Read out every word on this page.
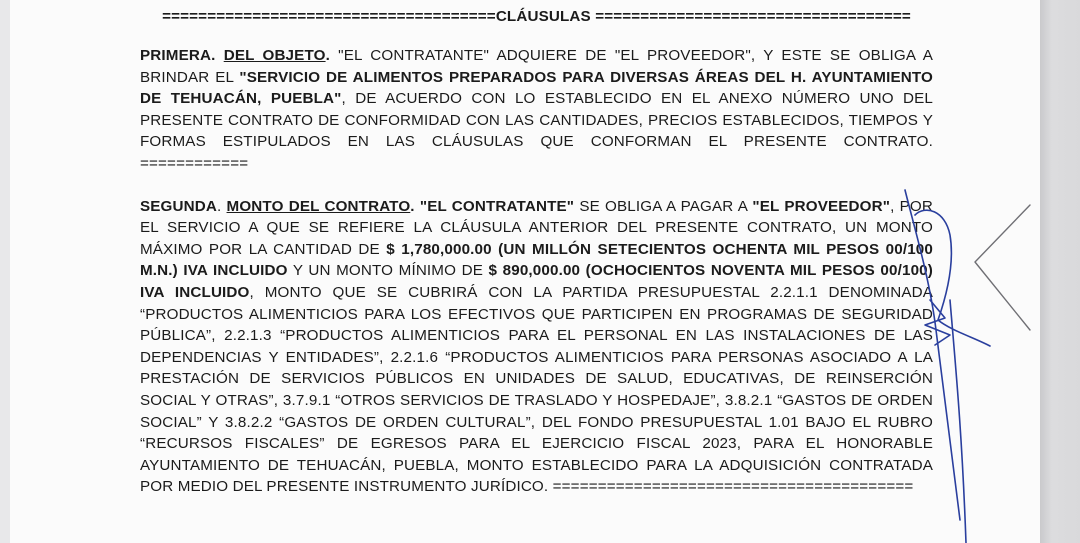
=====================================CLÁUSULAS ===================================

PRIMERA. DEL OBJETO. "EL CONTRATANTE" ADQUIERE DE "EL PROVEEDOR", Y ESTE SE OBLIGA A BRINDAR EL "SERVICIO DE ALIMENTOS PREPARADOS PARA DIVERSAS ÁREAS DEL H. AYUNTAMIENTO DE TEHUACÁN, PUEBLA", DE ACUERDO CON LO ESTABLECIDO EN EL ANEXO NÚMERO UNO DEL PRESENTE CONTRATO DE CONFORMIDAD CON LAS CANTIDADES, PRECIOS ESTABLECIDOS, TIEMPOS Y FORMAS ESTIPULADOS EN LAS CLÁUSULAS QUE CONFORMAN EL PRESENTE CONTRATO. ============

SEGUNDA. MONTO DEL CONTRATO. "EL CONTRATANTE" SE OBLIGA A PAGAR A "EL PROVEEDOR", POR EL SERVICIO A QUE SE REFIERE LA CLÁUSULA ANTERIOR DEL PRESENTE CONTRATO, UN MONTO MÁXIMO POR LA CANTIDAD DE $ 1,780,000.00 (UN MILLÓN SETECIENTOS OCHENTA MIL PESOS 00/100 M.N.) IVA INCLUIDO Y UN MONTO MÍNIMO DE $ 890,000.00 (OCHOCIENTOS NOVENTA MIL PESOS 00/100) IVA INCLUIDO, MONTO QUE SE CUBRIRÁ CON LA PARTIDA PRESUPUESTAL 2.2.1.1 DENOMINADA “PRODUCTOS ALIMENTICIOS PARA LOS EFECTIVOS QUE PARTICIPEN EN PROGRAMAS DE SEGURIDAD PÚBLICA”, 2.2.1.3 “PRODUCTOS ALIMENTICIOS PARA EL PERSONAL EN LAS INSTALACIONES DE LAS DEPENDENCIAS Y ENTIDADES”, 2.2.1.6 “PRODUCTOS ALIMENTICIOS PARA PERSONAS ASOCIADO A LA PRESTACIÓN DE SERVICIOS PÚBLICOS EN UNIDADES DE SALUD, EDUCATIVAS, DE REINSERCIÓN SOCIAL Y OTRAS”, 3.7.9.1 “OTROS SERVICIOS DE TRASLADO Y HOSPEDAJE”, 3.8.2.1 “GASTOS DE ORDEN SOCIAL” Y 3.8.2.2 “GASTOS DE ORDEN CULTURAL”, DEL FONDO PRESUPUESTAL 1.01 BAJO EL RUBRO “RECURSOS FISCALES” DE EGRESOS PARA EL EJERCICIO FISCAL 2023, PARA EL HONORABLE AYUNTAMIENTO DE TEHUACÁN, PUEBLA, MONTO ESTABLECIDO PARA LA ADQUISICIÓN CONTRATADA POR MEDIO DEL PRESENTE INSTRUMENTO JURÍDICO. ========================================
